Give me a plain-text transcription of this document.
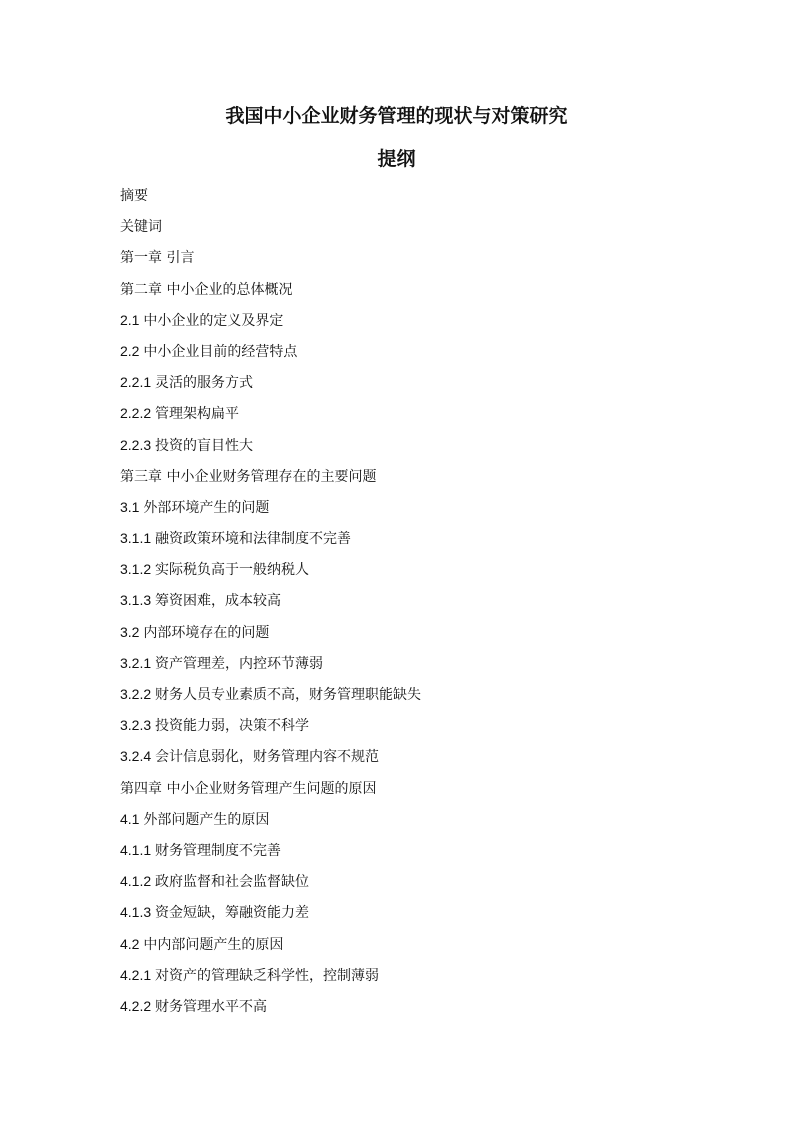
我国中小企业财务管理的现状与对策研究
提纲
摘要
关键词
第一章 引言
第二章 中小企业的总体概况
2.1 中小企业的定义及界定
2.2 中小企业目前的经营特点
2.2.1 灵活的服务方式
2.2.2 管理架构扁平
2.2.3 投资的盲目性大
第三章 中小企业财务管理存在的主要问题
3.1 外部环境产生的问题
3.1.1 融资政策环境和法律制度不完善
3.1.2 实际税负高于一般纳税人
3.1.3 筹资困难，成本较高
3.2 内部环境存在的问题
3.2.1 资产管理差，内控环节薄弱
3.2.2 财务人员专业素质不高，财务管理职能缺失
3.2.3 投资能力弱，决策不科学
3.2.4 会计信息弱化，财务管理内容不规范
第四章 中小企业财务管理产生问题的原因
4.1 外部问题产生的原因
4.1.1 财务管理制度不完善
4.1.2 政府监督和社会监督缺位
4.1.3 资金短缺，筹融资能力差
4.2 中内部问题产生的原因
4.2.1 对资产的管理缺乏科学性，控制薄弱
4.2.2 财务管理水平不高
